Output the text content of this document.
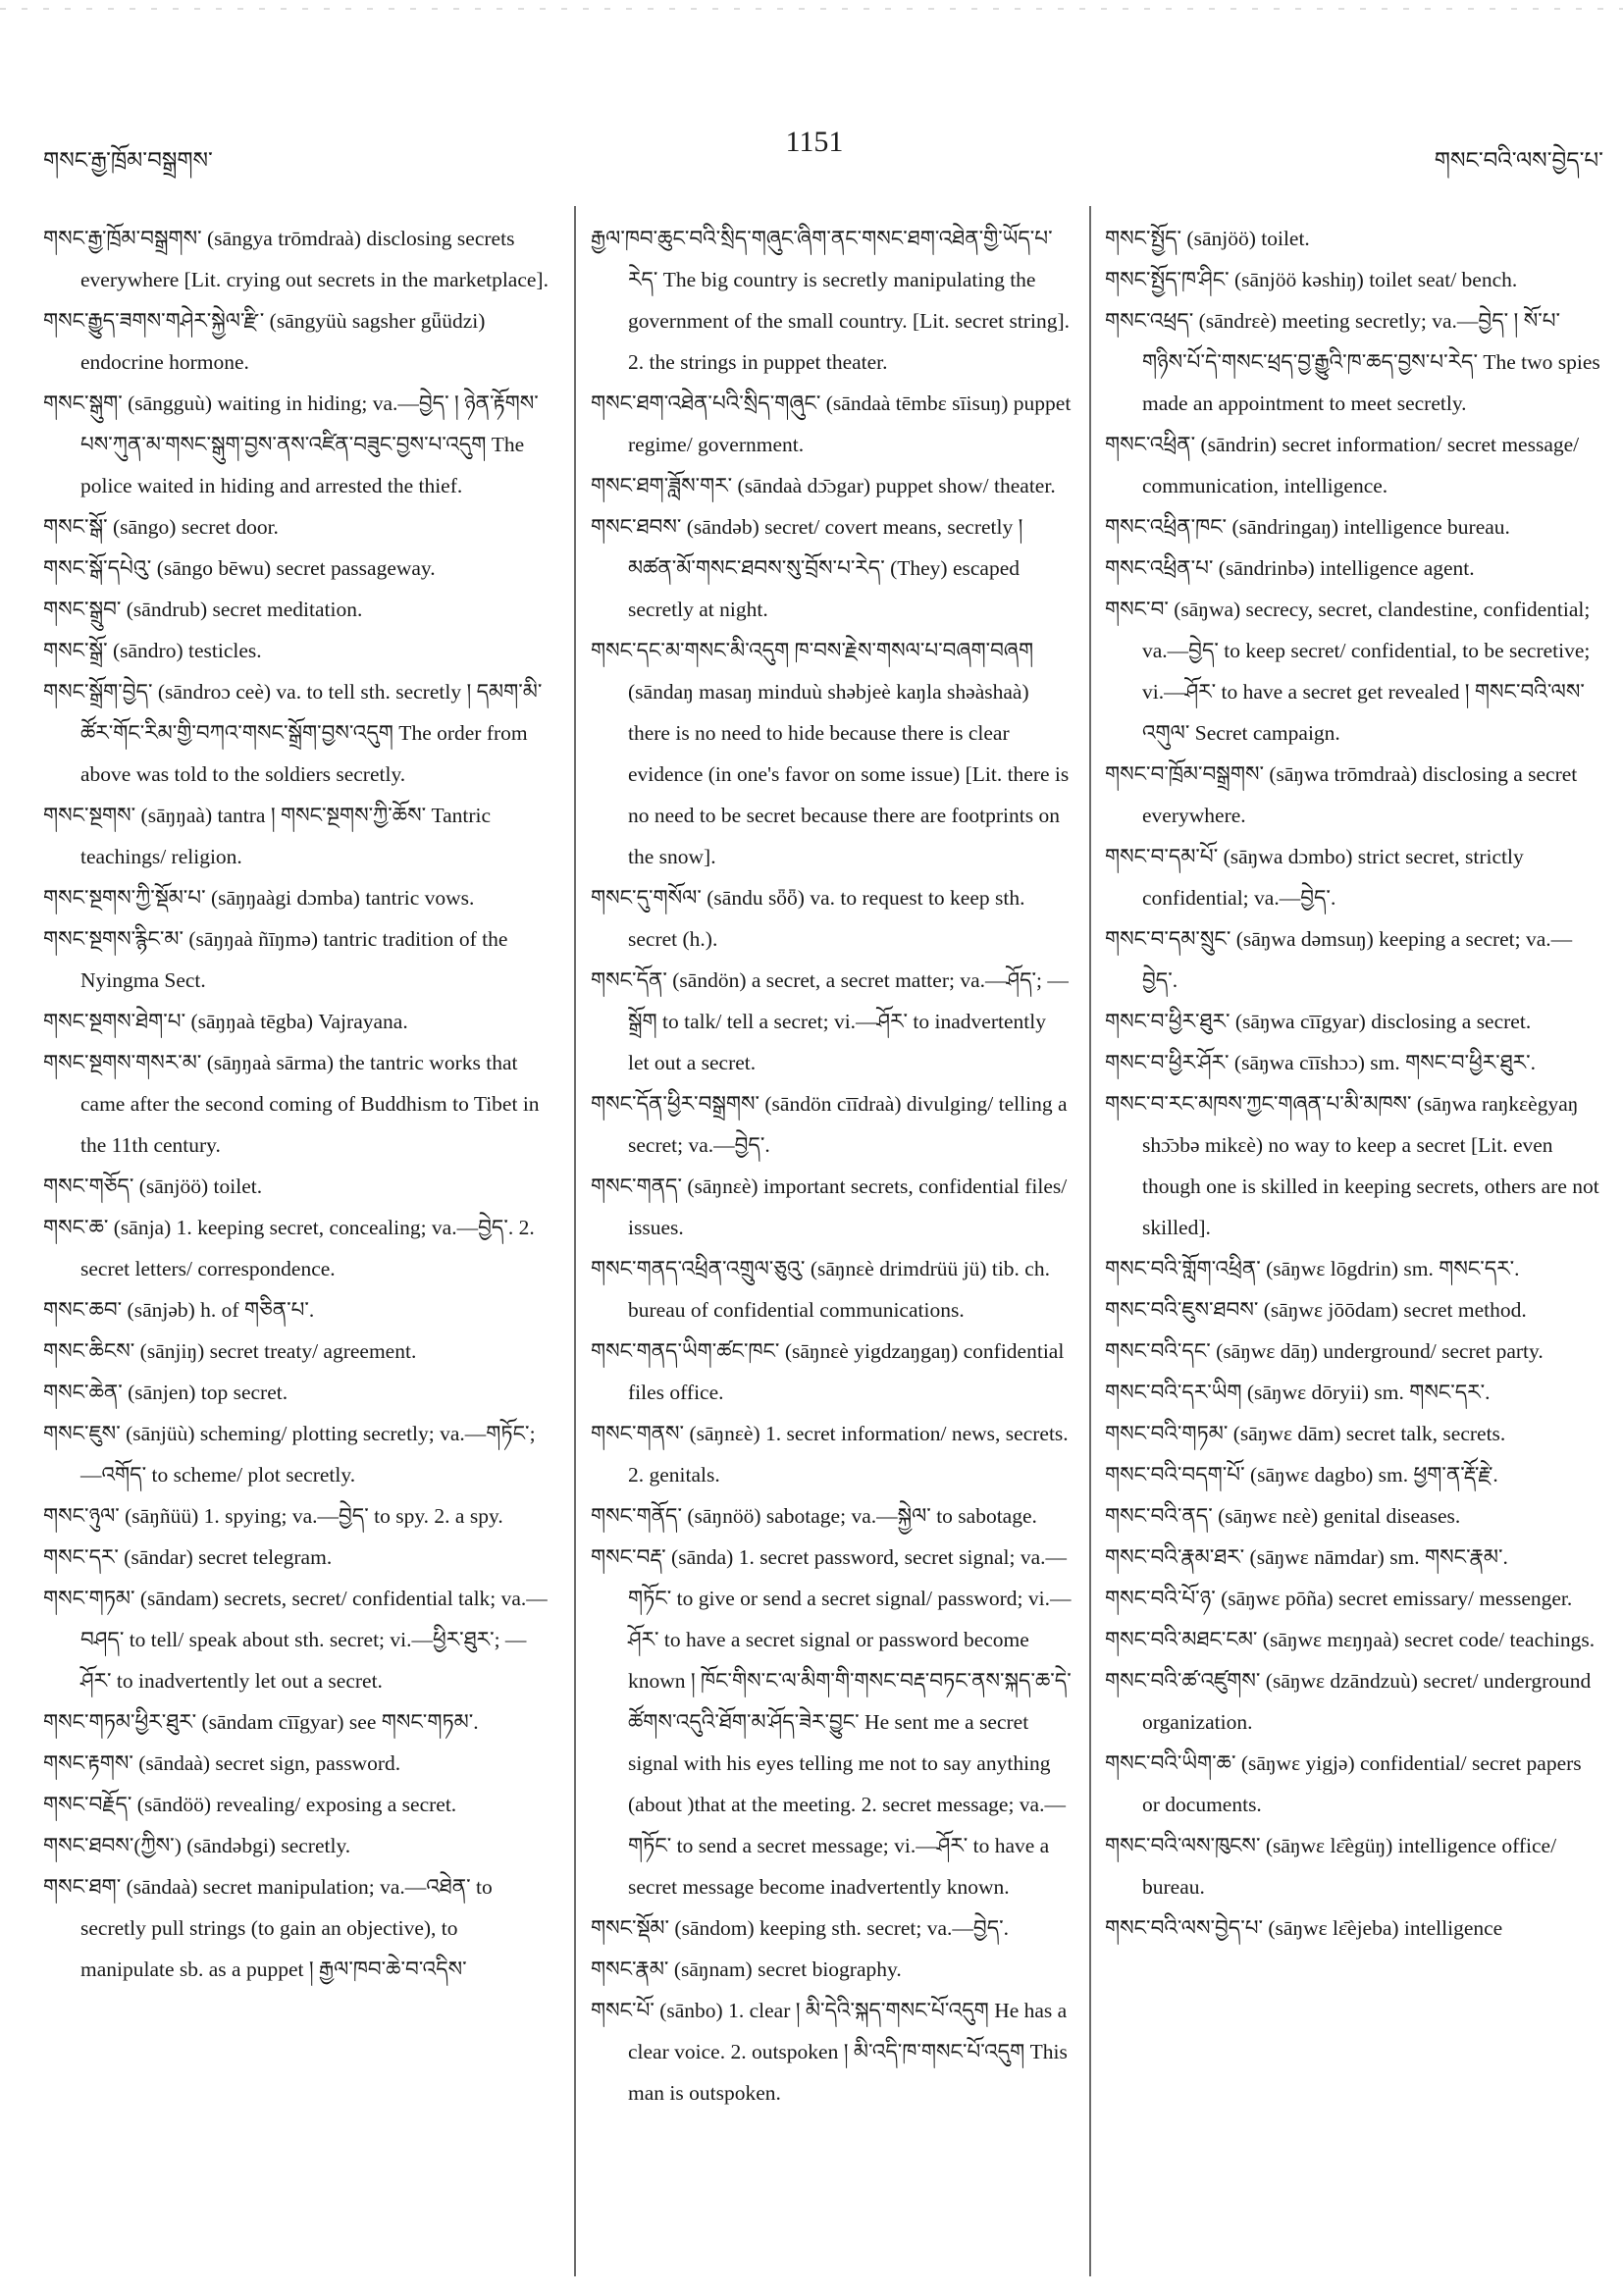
གསང་རྒྱ་ཁྲོམ་བསྒྲགས་
1151
གསང་བའི་ལས་བྱེད་པ་

གསང་རྒྱ་ཁྲོམ་བསྒྲགས་ (sāngya trōmdraà) disclosing secrets everywhere [Lit. crying out secrets in the marketplace].

གསང་རྒྱུད་ཟགས་གཤེར་སྐྱེལ་རྫི་ (sāngyüù sagsher gǖüdzi) endocrine hormone.

གསང་སྒུག་ (sāngguù) waiting in hiding; va.—བྱེད་ ། ཉེན་རྟོགས་པས་ཀུན་མ་གསང་སྒུག་བྱས་ནས་འཛིན་བཟུང་བྱས་པ་འདུག The police waited in hiding and arrested the thief.

གསང་སྒོ་ (sāngo) secret door.

གསང་སྒོ་དཔེའུ་ (sāngo bēwu) secret passageway.

གསང་སྒྲུབ་ (sāndrub) secret meditation.

གསང་སྒྲོ་ (sāndro) testicles.

གསང་སྒྲོག་བྱེད་ (sāndroɔ ceè) va. to tell sth. secretly ། དམག་མི་ཚོར་གོང་རིམ་གྱི་བཀའ་གསང་སྒྲོག་བྱས་འདུག The order from above was told to the soldiers secretly.

གསང་སྔགས་ (sāŋŋaà) tantra ། གསང་སྔགས་ཀྱི་ཆོས་ Tantric teachings/ religion.

གསང་སྔགས་ཀྱི་སྡོམ་པ་ (sāŋŋaàgi dɔmba) tantric vows.

གསང་སྔགས་རྙིང་མ་ (sāŋŋaà ñīŋmə) tantric tradition of the Nyingma Sect.

གསང་སྔགས་ཐེག་པ་ (sāŋŋaà tēgba) Vajrayana.

གསང་སྔགས་གསར་མ་ (sāŋŋaà sārma) the tantric works that came after the second coming of Buddhism to Tibet in the 11th century.

གསང་གཅོད་ (sānjöö) toilet.

གསང་ཆ་ (sānja) 1. keeping secret, concealing; va.—བྱེད་. 2. secret letters/ correspondence.

གསང་ཆབ་ (sānjəb) h. of གཅིན་པ་.

གསང་ཆིངས་ (sānjiŋ) secret treaty/ agreement.

གསང་ཆེན་ (sānjen) top secret.

གསང་ཇུས་ (sānjüù) scheming/ plotting secretly; va.—གཏོང་; —འགོད་ to scheme/ plot secretly.

གསང་ཉུལ་ (sāŋñüü) 1. spying; va.—བྱེད་ to spy. 2. a spy.

གསང་དར་ (sāndar) secret telegram.

གསང་གཏམ་ (sāndam) secrets, secret/ confidential talk; va.—བཤད་ to tell/ speak about sth. secret; vi.—ཕྱིར་ཐུར་; —ཤོར་ to inadvertently let out a secret.

གསང་གཏམ་ཕྱིར་ཐུར་ (sāndam cīīgyar) see གསང་གཏམ་.

གསང་རྟགས་ (sāndaà) secret sign, password.

གསང་བརྗོད་ (sāndöö) revealing/ exposing a secret.

གསང་ཐབས་(ཀྱིས་) (sāndəbgi) secretly.

གསང་ཐག་ (sāndaà) secret manipulation; va.—འཐེན་ to secretly pull strings (to gain an objective), to manipulate sb. as a puppet ། རྒྱལ་ཁབ་ཆེ་བ་འདིས་

རྒྱལ་ཁབ་ཆུང་བའི་སྲིད་གཞུང་ཞིག་ནང་གསང་ཐག་འཐེན་གྱི་ཡོད་པ་རེད་ The big country is secretly manipulating the government of the small country. [Lit. secret string]. 2. the strings in puppet theater.

གསང་ཐག་འཐེན་པའི་སྲིད་གཞུང་ (sāndaà tēmbɛ sīisuŋ) puppet regime/ government.

གསང་ཐག་ཟློས་གར་ (sāndaà dɔ̄ɔgar) puppet show/ theater.

གསང་ཐབས་ (sāndəb) secret/ covert means, secretly ། མཚན་མོ་གསང་ཐབས་སུ་བྲོས་པ་རེད་ (They) escaped secretly at night.

གསང་དང་མ་གསང་མི་འདུག ཁ་བས་རྗེས་གསལ་པ་བཞག་བཞག (sāndaŋ masaŋ minduù shəbjeè kaŋla shəàshaà) there is no need to hide because there is clear evidence (in one's favor on some issue) [Lit. there is no need to be secret because there are footprints on the snow].

གསང་དུ་གསོལ་ (sāndu sȫȫ) va. to request to keep sth. secret (h.).

གསང་དོན་ (sāndön) a secret, a secret matter; va.—ཤོད་; —སྒྲོག to talk/ tell a secret; vi.—ཤོར་ to inadvertently let out a secret.

གསང་དོན་ཕྱིར་བསྒྲགས་ (sāndön cīīdraà) divulging/ telling a secret; va.—བྱེད་.

གསང་གནད་ (sāŋnɛè) important secrets, confidential files/ issues.

གསང་གནད་འཕྲིན་འགྲུལ་ཅུའུ་ (sāŋnɛè drimdrüü jü) tib. ch. bureau of confidential communications.

གསང་གནད་ཡིག་ཚང་ཁང་ (sāŋnɛè yigdzaŋgaŋ) confidential files office.

གསང་གནས་ (sāŋnɛè) 1. secret information/ news, secrets. 2. genitals.

གསང་གནོད་ (sāŋnöö) sabotage; va.—སྐྱེལ་ to sabotage.

གསང་བརྡ་ (sānda) 1. secret password, secret signal; va.—གཏོང་ to give or send a secret signal/ password; vi.—ཤོར་ to have a secret signal or password become known ། ཁོང་གིས་ང་ལ་མིག་གི་གསང་བརྡ་བཏང་ནས་སྐད་ཆ་དེ་ཚོགས་འདུའི་ཐོག་མ་ཤོད་ཟེར་བྱུང་ He sent me a secret signal with his eyes telling me not to say anything (about )that at the meeting. 2. secret message; va.—གཏོང་ to send a secret message; vi.—ཤོར་ to have a secret message become inadvertently known.

གསང་སྡོམ་ (sāndom) keeping sth. secret; va.—བྱེད་.

གསང་རྣམ་ (sāŋnam) secret biography.

གསང་པོ་ (sānbo) 1. clear ། མི་དེའི་སྐད་གསང་པོ་འདུག He has a clear voice. 2. outspoken ། མི་འདི་ཁ་གསང་པོ་འདུག This man is outspoken.

གསང་སྤྱོད་ (sānjöö) toilet.

གསང་སྤྱོད་ཁ་ཤིང་ (sānjöö kəshiŋ) toilet seat/ bench.

གསང་འཕྲད་ (sāndrɛè) meeting secretly; va.—བྱེད་ ། སོ་པ་གཉིས་པོ་དེ་གསང་ཕྲད་བྱ་རྒྱུའི་ཁ་ཆད་བྱས་པ་རེད་ The two spies made an appointment to meet secretly.

གསང་འཕྲིན་ (sāndrin) secret information/ secret message/ communication, intelligence.

གསང་འཕྲིན་ཁང་ (sāndringaŋ) intelligence bureau.

གསང་འཕྲིན་པ་ (sāndrinbə) intelligence agent.

གསང་བ་ (sāŋwa) secrecy, secret, clandestine, confidential; va.—བྱེད་ to keep secret/ confidential, to be secretive; vi.—ཤོར་ to have a secret get revealed ། གསང་བའི་ལས་འགུལ་ Secret campaign.

གསང་བ་ཁྲོམ་བསྒྲགས་ (sāŋwa trōmdraà) disclosing a secret everywhere.

གསང་བ་དམ་པོ་ (sāŋwa dɔmbo) strict secret, strictly confidential; va.—བྱེད་.

གསང་བ་དམ་སྲུང་ (sāŋwa dəmsuŋ) keeping a secret; va.—བྱེད་.

གསང་བ་ཕྱིར་ཐུར་ (sāŋwa cīīgyar) disclosing a secret.

གསང་བ་ཕྱིར་ཤོར་ (sāŋwa cīīshɔɔ) sm. གསང་བ་ཕྱིར་ཐུར་.

གསང་བ་རང་མཁས་ཀྱང་གཞན་པ་མི་མཁས་ (sāŋwa raŋkɛègyaŋ shɔ̄ɔbə mikɛè) no way to keep a secret [Lit. even though one is skilled in keeping secrets, others are not skilled].

གསང་བའི་གློག་འཕྲིན་ (sāŋwɛ lōgdrin) sm. གསང་དར་.

གསང་བའི་ཇུས་ཐབས་ (sāŋwɛ jōōdam) secret method.

གསང་བའི་དང་ (sāŋwɛ dāŋ) underground/ secret party.

གསང་བའི་དར་ཡིག (sāŋwɛ dōryii) sm. གསང་དར་.

གསང་བའི་གཏམ་ (sāŋwɛ dām) secret talk, secrets.

གསང་བའི་བདག་པོ་ (sāŋwɛ dagbo) sm. ཕྱག་ན་རྡོ་རྗེ་.

གསང་བའི་ནད་ (sāŋwɛ nɛè) genital diseases.

གསང་བའི་རྣམ་ཐར་ (sāŋwɛ nāmdar) sm. གསང་རྣམ་.

གསང་བའི་པོ་ཉ་ (sāŋwɛ pōña) secret emissary/ messenger.

གསང་བའི་མཐང་ངམ་ (sāŋwɛ mɛŋŋaà) secret code/ teachings.

གསང་བའི་ཚ་འཛུགས་ (sāŋwɛ dzāndzuù) secret/ underground organization.

གསང་བའི་ཡིག་ཆ་ (sāŋwɛ yigjə) confidential/ secret papers or documents.

གསང་བའི་ལས་ཁུངས་ (sāŋwɛ lɛ̄ègüŋ) intelligence office/ bureau.

གསང་བའི་ལས་བྱེད་པ་ (sāŋwɛ lɛ̄èjeba) intelligence
